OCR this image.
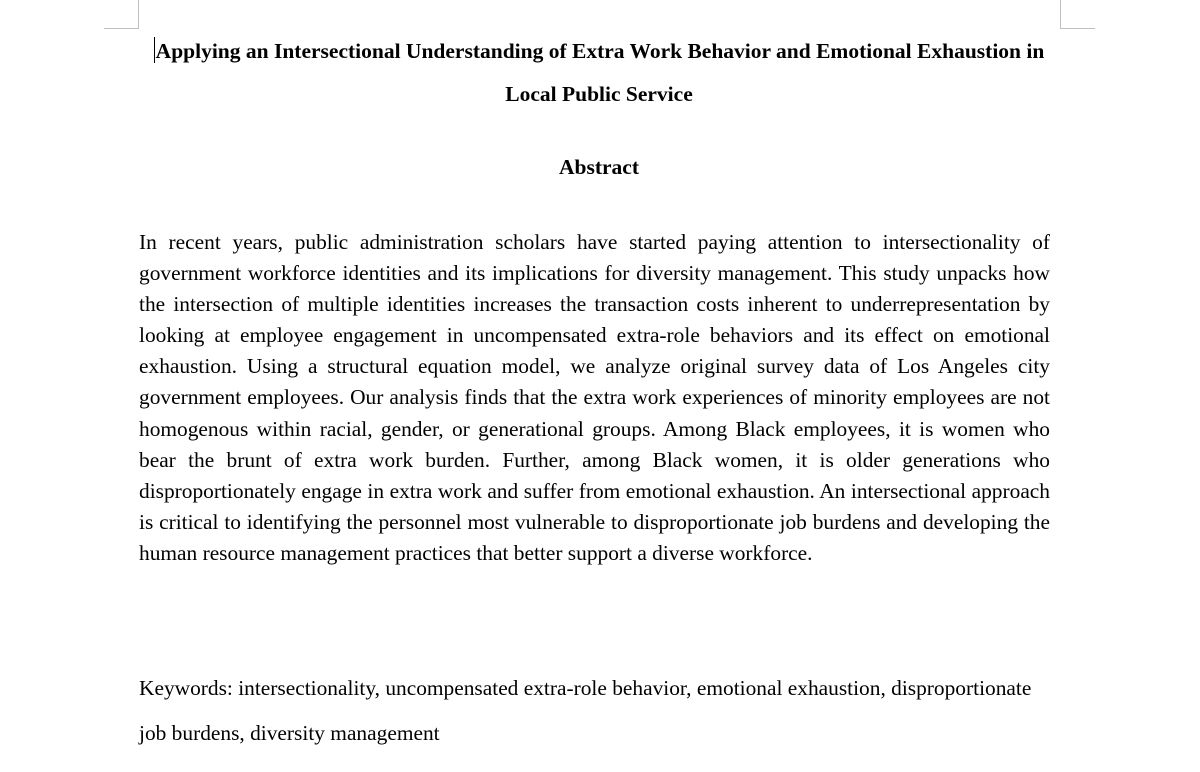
Applying an Intersectional Understanding of Extra Work Behavior and Emotional Exhaustion in Local Public Service
Abstract

In recent years, public administration scholars have started paying attention to intersectionality of government workforce identities and its implications for diversity management. This study unpacks how the intersection of multiple identities increases the transaction costs inherent to underrepresentation by looking at employee engagement in uncompensated extra-role behaviors and its effect on emotional exhaustion. Using a structural equation model, we analyze original survey data of Los Angeles city government employees. Our analysis finds that the extra work experiences of minority employees are not homogenous within racial, gender, or generational groups. Among Black employees, it is women who bear the brunt of extra work burden. Further, among Black women, it is older generations who disproportionately engage in extra work and suffer from emotional exhaustion. An intersectional approach is critical to identifying the personnel most vulnerable to disproportionate job burdens and developing the human resource management practices that better support a diverse workforce.

Keywords: intersectionality, uncompensated extra-role behavior, emotional exhaustion, disproportionate job burdens, diversity management
